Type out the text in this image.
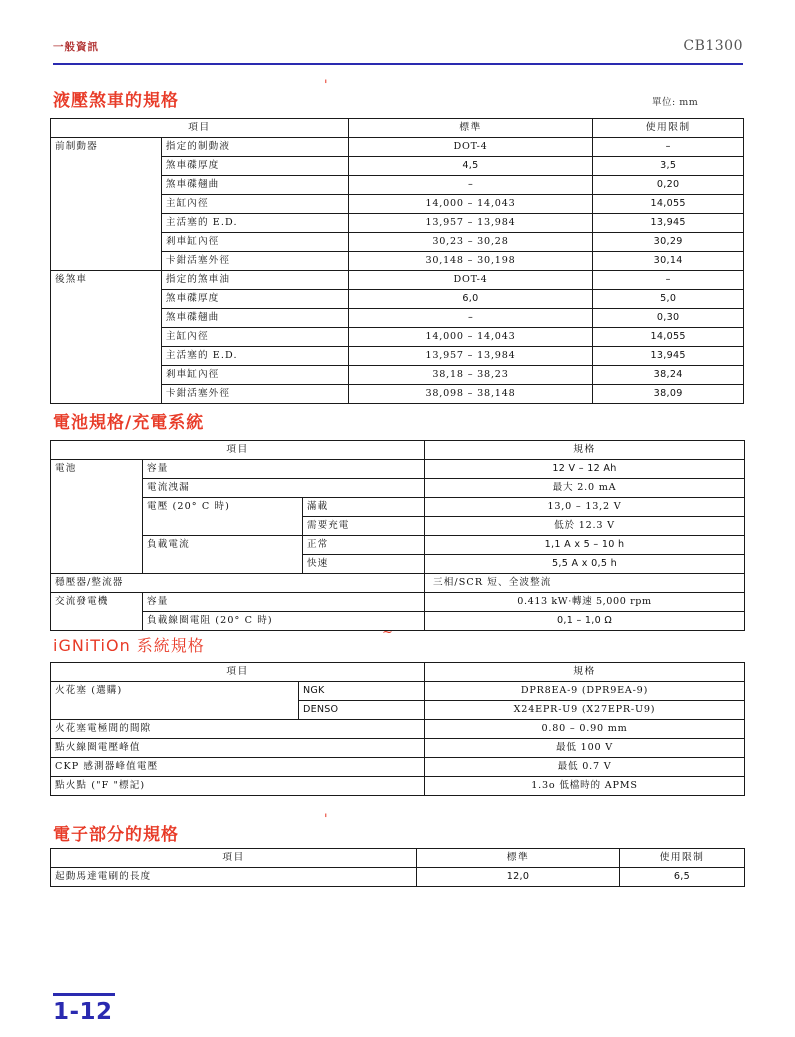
一般資訊	CB1300
液壓煞車的規格
'
單位: mm
項目		標準	使用限制
前制動器	指定的制動液	DOT-4	–
	煞車碟厚度	4,5	3,5
	煞車碟翹曲	–	0,20
	主缸內徑	14,000 – 14,043	14,055
	主活塞的 E.D.	13,957 – 13,984	13,945
	剎車缸內徑	30,23 – 30,28	30,29
	卡鉗活塞外徑	30,148 – 30,198	30,14
後煞車	指定的煞車油	DOT-4	–
	煞車碟厚度	6,0	5,0
	煞車碟翹曲	–	0,30
	主缸內徑	14,000 – 14,043	14,055
	主活塞的 E.D.	13,957 – 13,984	13,945
	剎車缸內徑	38,18 – 38,23	38,24
	卡鉗活塞外徑	38,098 – 38,148	38,09
電池規格/充電系統
項目			規格
電池	容量		12 V – 12 Ah
	電流洩漏		最大 2.0 mA
	電壓 (20° C 時)	滿載	13,0 – 13,2 V
		需要充電	低於 12.3 V
	負載電流	正常	1,1 A x 5 – 10 h
		快速	5,5 A x 0,5 h
穩壓器/整流器			三相/SCR 短、全波整流
交流發電機	容量		0.413 kW·轉速 5,000 rpm
	負載線圈電阻 (20° C 時)		0,1 – 1,0 Ω
iGNiTiOn 系統規格
~
項目		規格
火花塞 (選購)	NGK	DPR8EA-9 (DPR9EA-9)
	DENSO	X24EPR-U9 (X27EPR-U9)
火花塞電極間的間隙		0.80 – 0.90 mm
點火線圈電壓峰值		最低 100 V
CKP 感測器峰值電壓		最低 0.7 V
點火點 ("F "標記)		1.3o 低檔時的 APMS
電子部分的規格
'
項目	標準	使用限制
起動馬達電刷的長度	12,0	6,5
1-12
